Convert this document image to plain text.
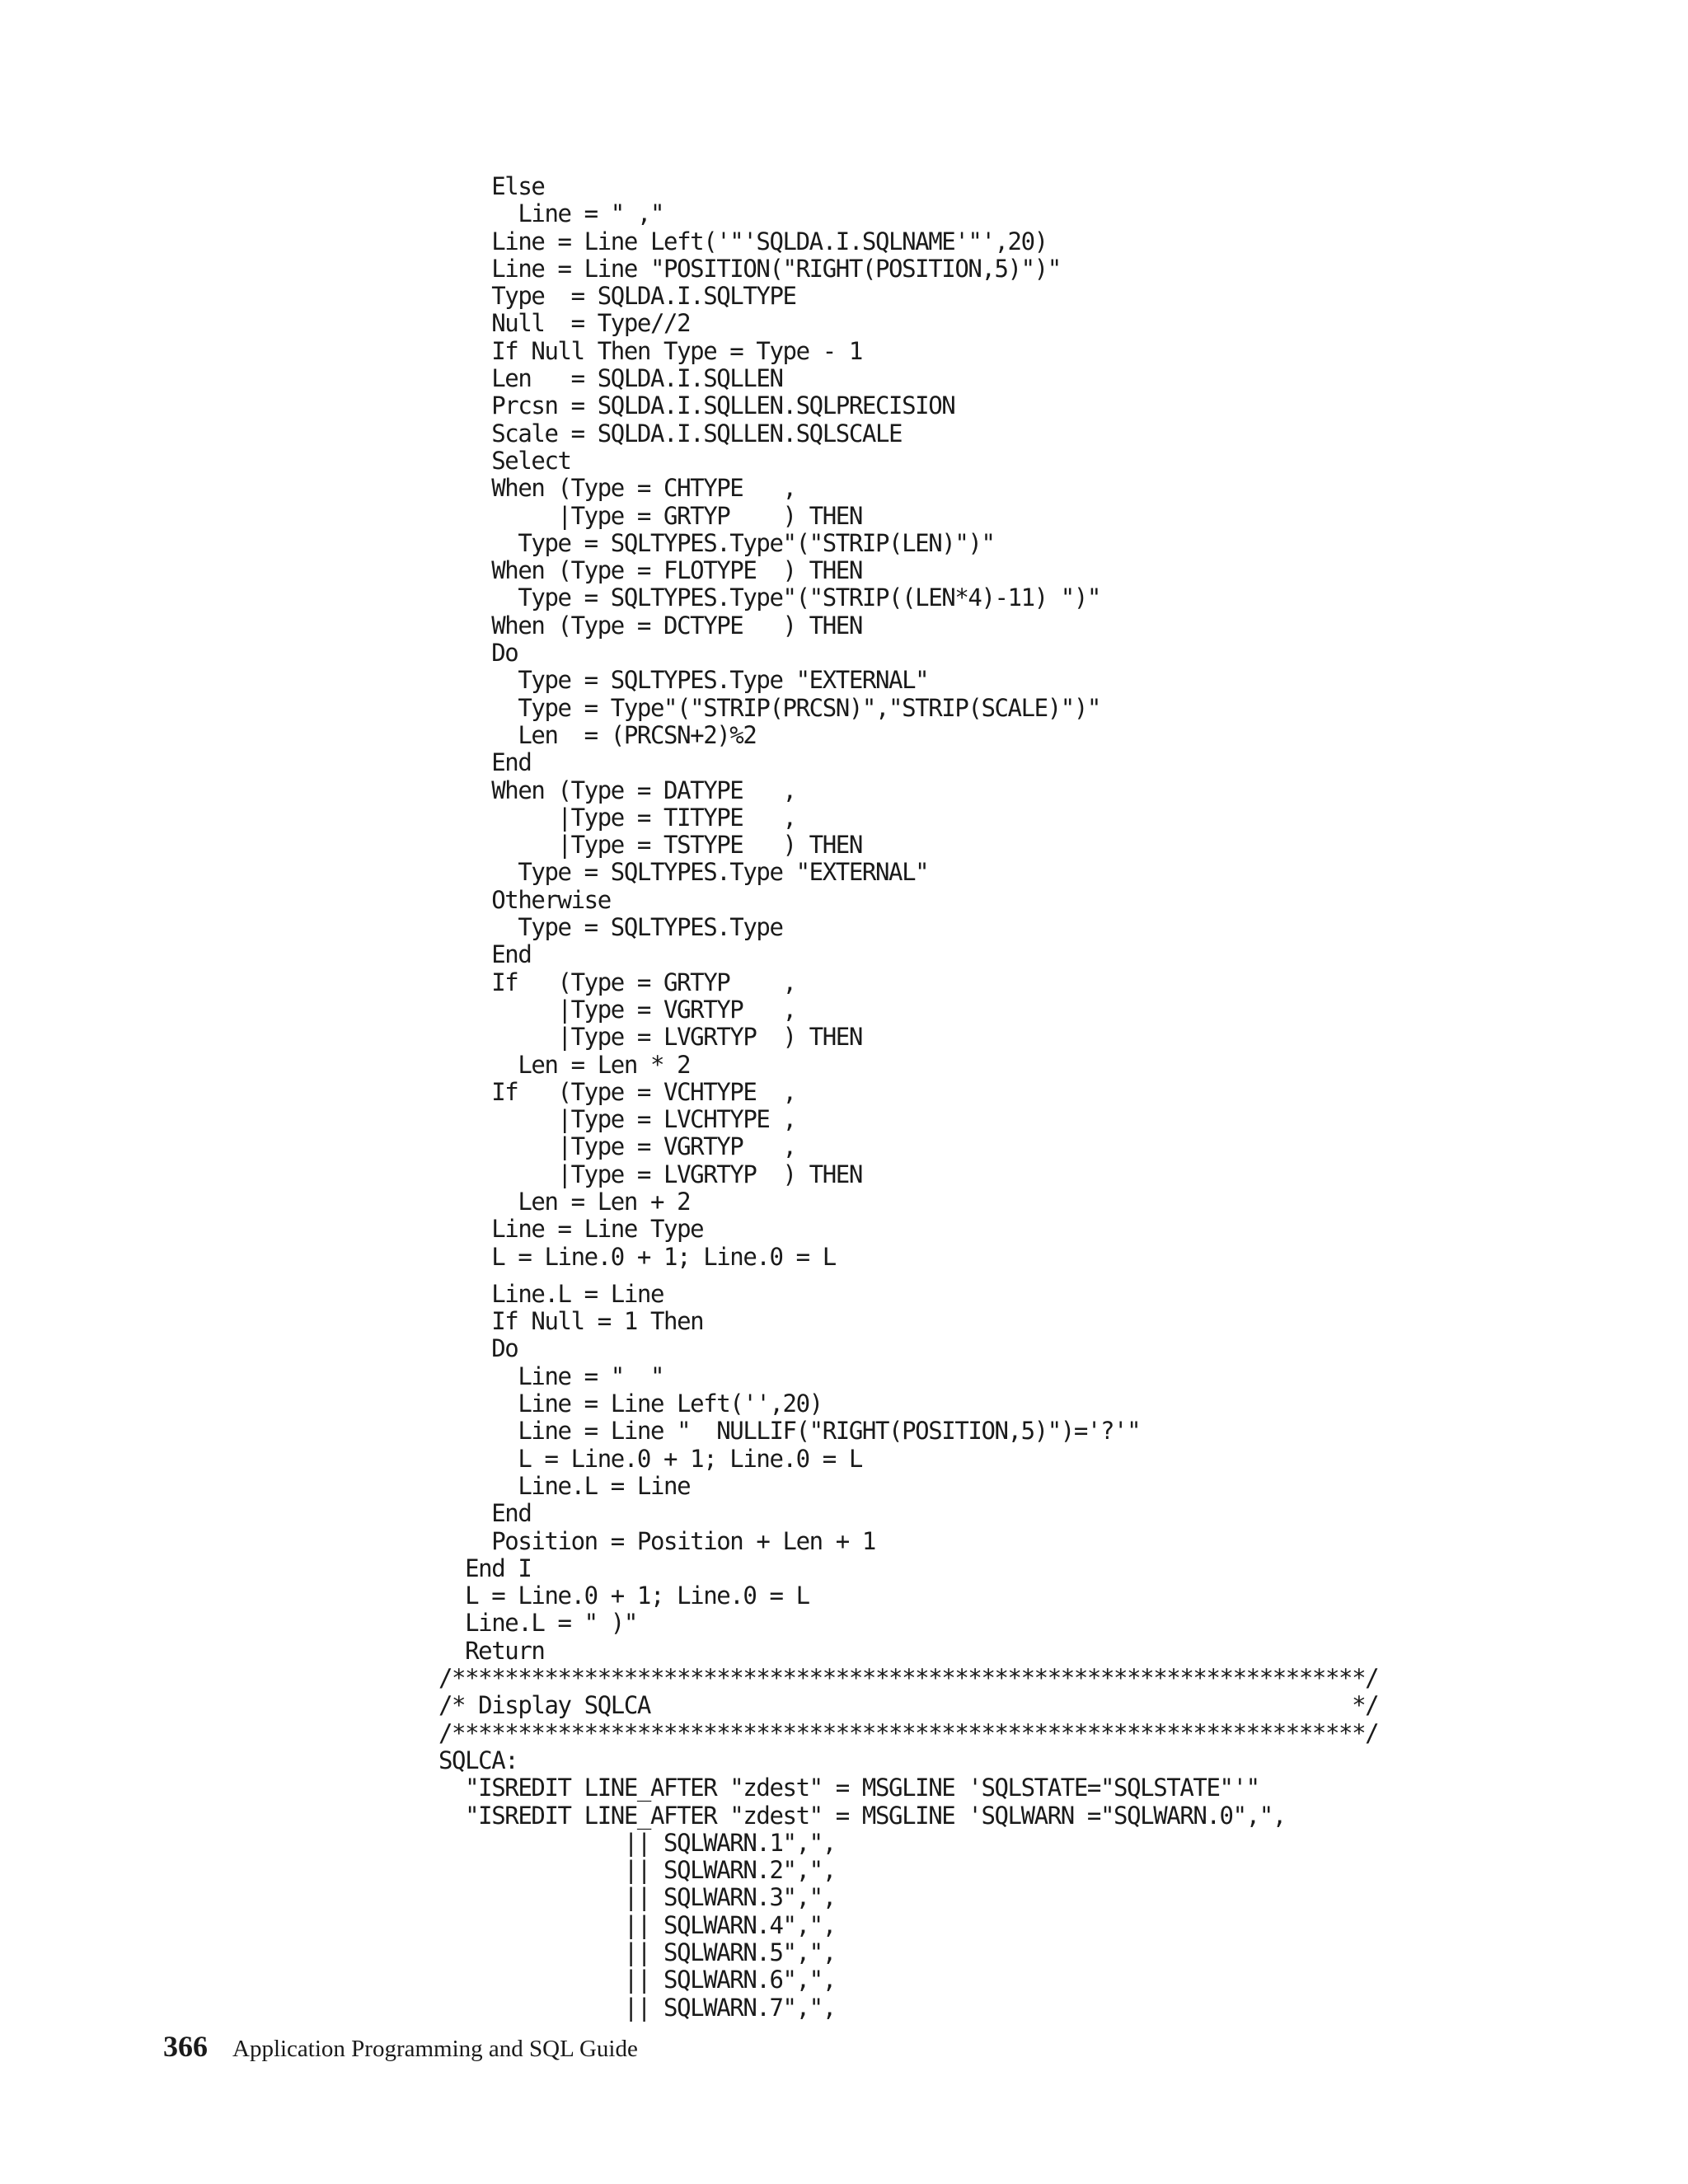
Else
Line = " ,"
Line = Line Left('"'SQLDA.I.SQLNAME'"',20)
Line = Line "POSITION("RIGHT(POSITION,5)")"
Type  = SQLDA.I.SQLTYPE
Null  = Type//2
If Null Then Type = Type - 1
Len   = SQLDA.I.SQLLEN
Prcsn = SQLDA.I.SQLLEN.SQLPRECISION
Scale = SQLDA.I.SQLLEN.SQLSCALE
Select
When (Type = CHTYPE   ,
|Type = GRTYP    ) THEN
Type = SQLTYPES.Type"("STRIP(LEN)")"
When (Type = FLOTYPE  ) THEN
Type = SQLTYPES.Type"("STRIP((LEN*4)-11) ")"
When (Type = DCTYPE   ) THEN
Do
Type = SQLTYPES.Type "EXTERNAL"
Type = Type"("STRIP(PRCSN)","STRIP(SCALE)")"
Len  = (PRCSN+2)%2
End
When (Type = DATYPE   ,
|Type = TITYPE   ,
|Type = TSTYPE   ) THEN
Type = SQLTYPES.Type "EXTERNAL"
Otherwise
Type = SQLTYPES.Type
End
If   (Type = GRTYP    ,
|Type = VGRTYP   ,
|Type = LVGRTYP  ) THEN
Len = Len * 2
If   (Type = VCHTYPE  ,
|Type = LVCHTYPE ,
|Type = VGRTYP   ,
|Type = LVGRTYP  ) THEN
Len = Len + 2
Line = Line Type
L = Line.0 + 1; Line.0 = L
Line.L = Line
If Null = 1 Then
Do
Line = "  "
Line = Line Left('',20)
Line = Line "  NULLIF("RIGHT(POSITION,5)")='?'"
L = Line.0 + 1; Line.0 = L
Line.L = Line
End
Position = Position + Len + 1
End I
L = Line.0 + 1; Line.0 = L
Line.L = " )"
Return
/*********************************************************************/
/* Display SQLCA                                                     */
/*********************************************************************/
SQLCA:
"ISREDIT LINE_AFTER "zdest" = MSGLINE 'SQLSTATE="SQLSTATE"'"
"ISREDIT LINE_AFTER "zdest" = MSGLINE 'SQLWARN ="SQLWARN.0",",
|| SQLWARN.1",",
|| SQLWARN.2",",
|| SQLWARN.3",",
|| SQLWARN.4",",
|| SQLWARN.5",",
|| SQLWARN.6",",
|| SQLWARN.7",",
366 Application Programming and SQL Guide
